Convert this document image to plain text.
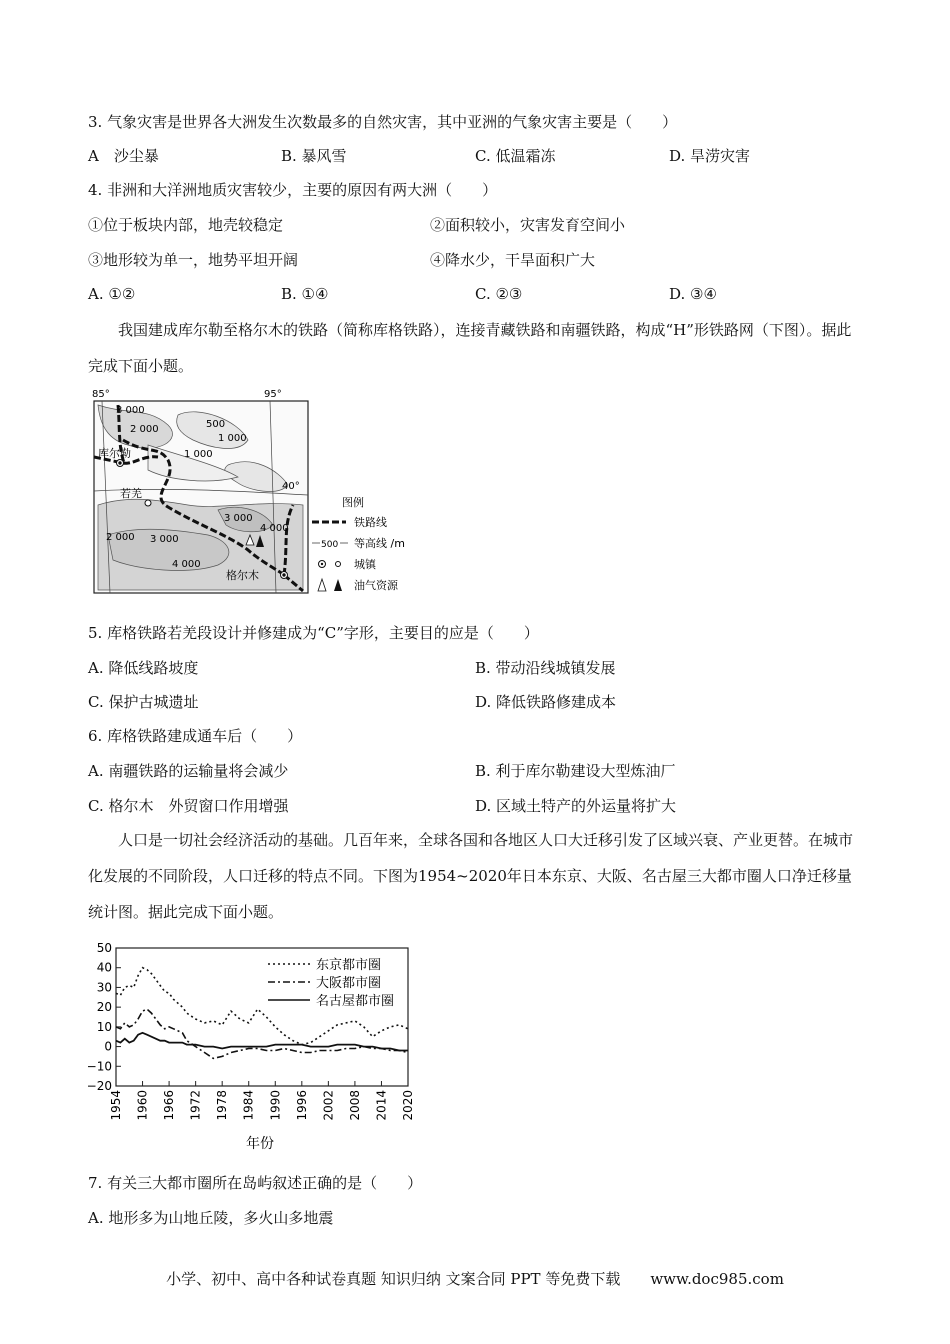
3. 气象灾害是世界各大洲发生次数最多的自然灾害，其中亚洲的气象灾害主要是（　　）
A　沙尘暴	B. 暴风雪	C. 低温霜冻	D. 旱涝灾害
4. 非洲和大洋洲地质灾害较少，主要的原因有两大洲（　　）
①位于板块内部，地壳较稳定	②面积较小，灾害发育空间小
③地形较为单一，地势平坦开阔	④降水少，干旱面积广大
A. ①②	B. ①④	C. ②③	D. ③④
我国建成库尔勒至格尔木的铁路（简称库格铁路），连接青藏铁路和南疆铁路，构成“H”形铁路网（下图）。据此完成下面小题。
85°	95°
40°
3 000
2 000	500
1 000
1 000
3 000
4 000
2 000 3 000
4 000
库尔勒
若羌
格尔木
图例
铁路线
500 等高线 /m
城镇
油气资源
5. 库格铁路若羌段设计并修建成为“C”字形，主要目的应是（　　）
A. 降低线路坡度	B. 带动沿线城镇发展
C. 保护古城遗址	D. 降低铁路修建成本
6. 库格铁路建成通车后（　　）
A. 南疆铁路的运输量将会减少	B. 利于库尔勒建设大型炼油厂
C. 格尔木　外贸窗口作用增强	D. 区域土特产的外运量将扩大
人口是一切社会经济活动的基础。几百年来，全球各国和各地区人口大迁移引发了区域兴衰、产业更替。在城市化发展的不同阶段，人口迁移的特点不同。下图为1954~2020年日本东京、大阪、名古屋三大都市圈人口净迁移量统计图。据此完成下面小题。
50
40
30
20
10
0
−10
−20
1954 1960 1966 1972 1978 1984 1990 1996 2002 2008 2014 2020
东京都市圈
大阪都市圈
名古屋都市圈
年份
7. 有关三大都市圈所在岛屿叙述正确的是（　　）
A. 地形多为山地丘陵，多火山多地震
小学、初中、高中各种试卷真题 知识归纳 文案合同 PPT 等免费下载　　www.doc985.com
